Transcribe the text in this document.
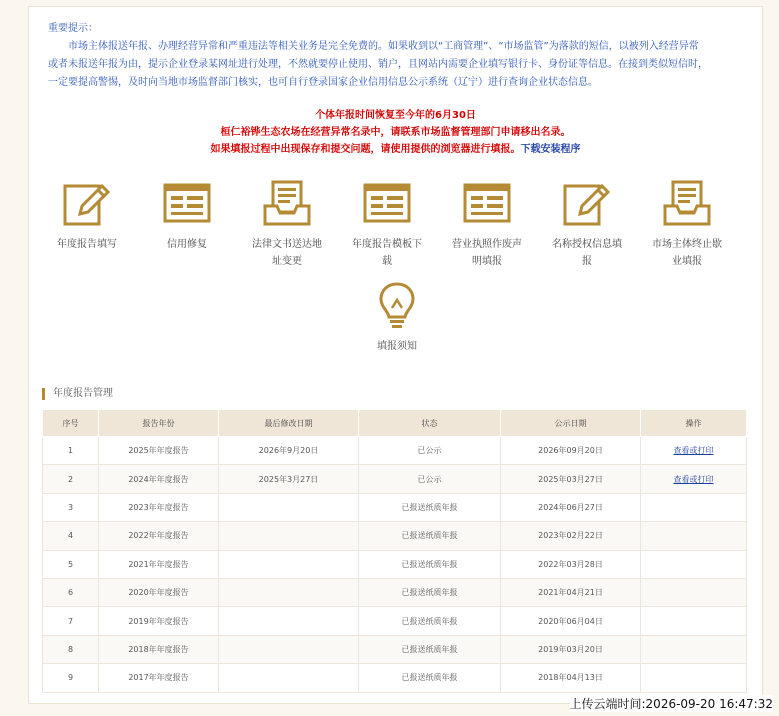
重要提示：
市场主体报送年报、办理经营异常和严重违法等相关业务是完全免费的。如果收到以“工商管理”、“市场监管”为落款的短信，以被列入经营异常或者未报送年报为由，提示企业登录某网址进行处理，不然就要停止使用、销户，且网站内需要企业填写银行卡、身份证等信息。在接到类似短信时，一定要提高警惕，及时向当地市场监督部门核实，也可自行登录国家企业信用信息公示系统（辽宁）进行查询企业状态信息。
个体年报时间恢复至今年的6月30日
桓仁裕铧生态农场在经营异常名录中，请联系市场监督管理部门申请移出名录。
如果填报过程中出现保存和提交问题，请使用提供的浏览器进行填报。下载安装程序
年度报告填写	信用修复	法律文书送达地址变更
年度报告模板下载
营业执照作废声明填报
名称授权信息填报
市场主体终止歇业填报
填报须知
年度报告管理
序号	报告年份	最后修改日期	状态	公示日期	操作
1	2025年年度报告	2026年9月20日	已公示	2026年09月20日	查看或打印
2	2024年年度报告	2025年3月27日	已公示	2025年03月27日	查看或打印
3	2023年年度报告		已报送纸质年报	2024年06月27日	
4	2022年年度报告		已报送纸质年报	2023年02月22日	
5	2021年年度报告		已报送纸质年报	2022年03月28日	
6	2020年年度报告		已报送纸质年报	2021年04月21日	
7	2019年年度报告		已报送纸质年报	2020年06月04日	
8	2018年年度报告		已报送纸质年报	2019年03月20日	
9	2017年年度报告		已报送纸质年报	2018年04月13日	
上传云端时间:2026-09-20 16:47:32
